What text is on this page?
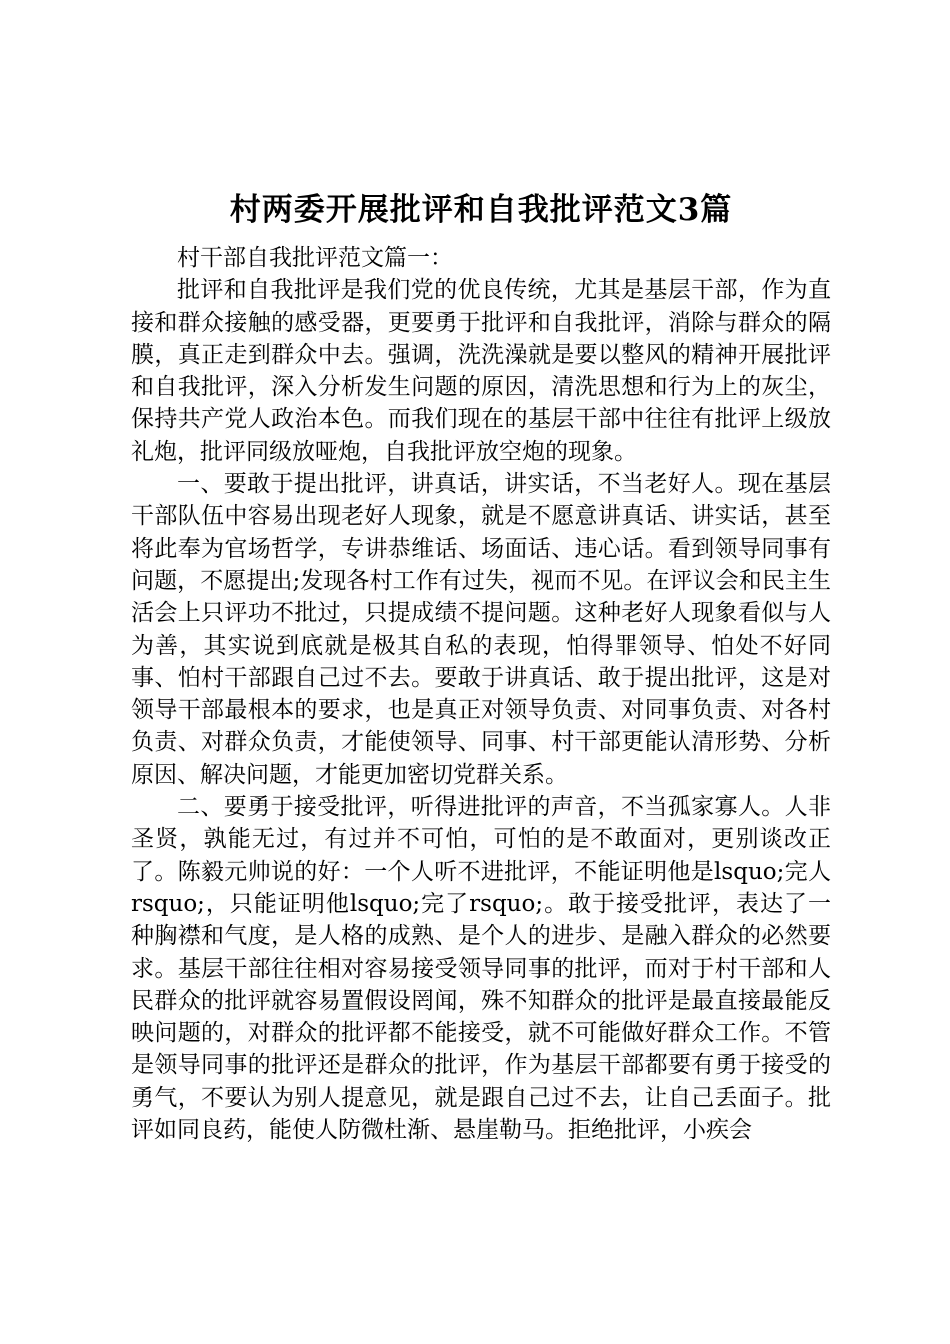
村两委开展批评和自我批评范文3篇

村干部自我批评范文篇一：

批评和自我批评是我们党的优良传统，尤其是基层干部，作为直接和群众接触的感受器，更要勇于批评和自我批评，消除与群众的隔膜，真正走到群众中去。强调，洗洗澡就是要以整风的精神开展批评和自我批评，深入分析发生问题的原因，清洗思想和行为上的灰尘，保持共产党人政治本色。而我们现在的基层干部中往往有批评上级放礼炮，批评同级放哑炮，自我批评放空炮的现象。

一、要敢于提出批评，讲真话，讲实话，不当老好人。现在基层干部队伍中容易出现老好人现象，就是不愿意讲真话、讲实话，甚至将此奉为官场哲学，专讲恭维话、场面话、违心话。看到领导同事有问题，不愿提出;发现各村工作有过失，视而不见。在评议会和民主生活会上只评功不批过，只提成绩不提问题。这种老好人现象看似与人为善，其实说到底就是极其自私的表现，怕得罪领导、怕处不好同事、怕村干部跟自己过不去。要敢于讲真话、敢于提出批评，这是对领导干部最根本的要求，也是真正对领导负责、对同事负责、对各村负责、对群众负责，才能使领导、同事、村干部更能认清形势、分析原因、解决问题，才能更加密切党群关系。

二、要勇于接受批评，听得进批评的声音，不当孤家寡人。人非圣贤，孰能无过，有过并不可怕，可怕的是不敢面对，更别谈改正了。陈毅元帅说的好：一个人听不进批评，不能证明他是lsquo;完人rsquo;，只能证明他lsquo;完了rsquo;。敢于接受批评，表达了一种胸襟和气度，是人格的成熟、是个人的进步、是融入群众的必然要求。基层干部往往相对容易接受领导同事的批评，而对于村干部和人民群众的批评就容易置假设罔闻，殊不知群众的批评是最直接最能反映问题的，对群众的批评都不能接受，就不可能做好群众工作。不管是领导同事的批评还是群众的批评，作为基层干部都要有勇于接受的勇气，不要认为别人提意见，就是跟自己过不去，让自己丢面子。批评如同良药，能使人防微杜渐、悬崖勒马。拒绝批评，小疾会
